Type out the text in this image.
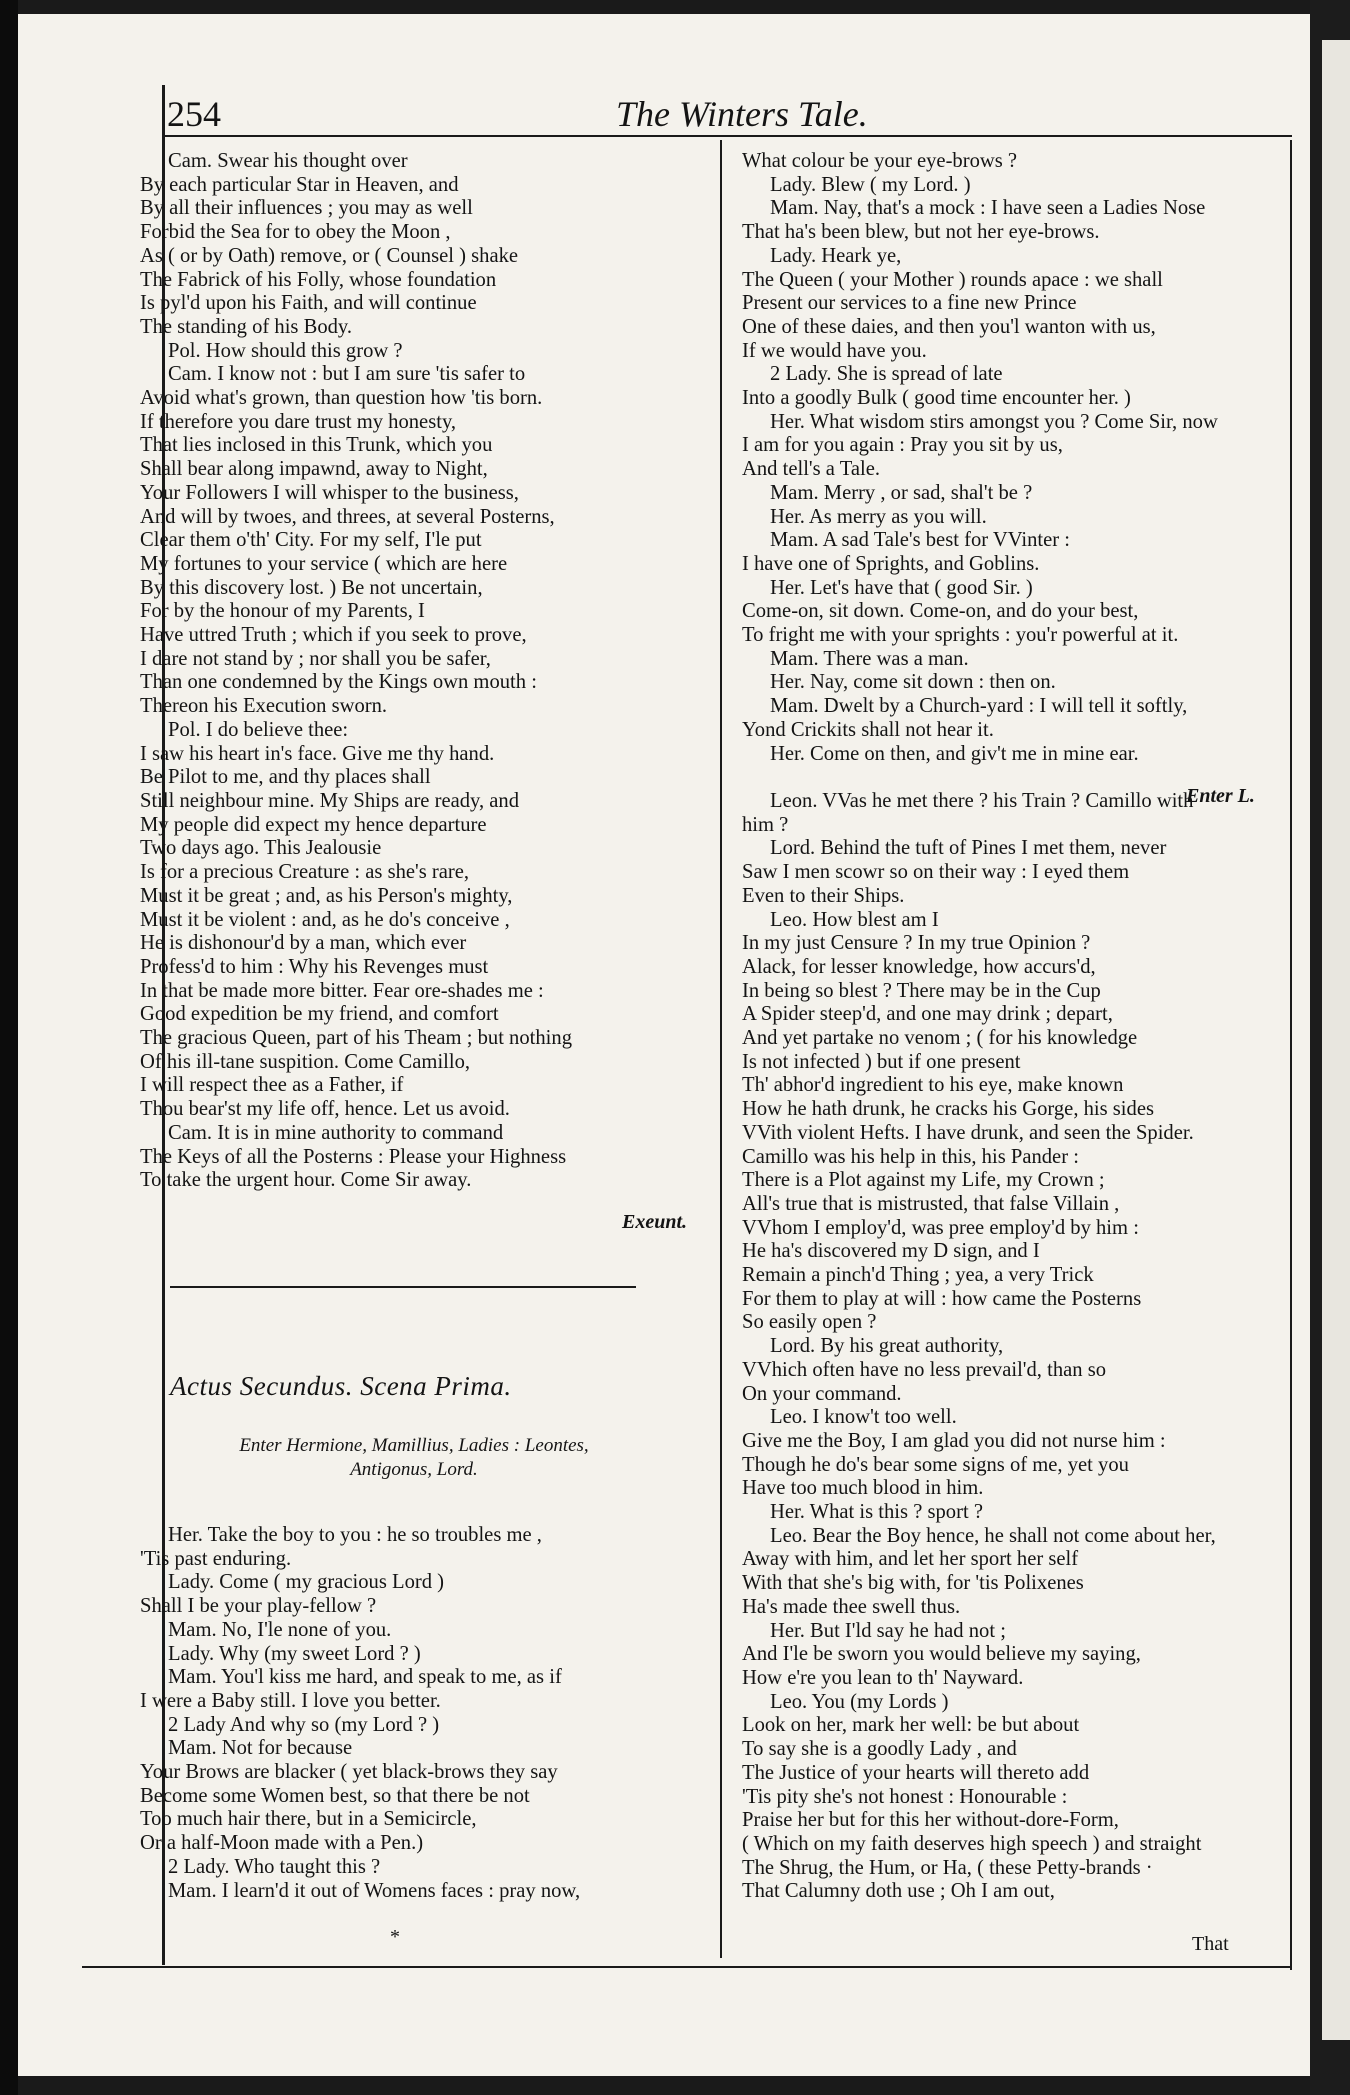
254	The Winters Tale.
Cam. Swear his thought over
By each particular Star in Heaven, and
By all their influences ; you may as well
Forbid the Sea for to obey the Moon ,
As ( or by Oath) remove, or ( Counsel ) shake
The Fabrick of his Folly, whose foundation
Is pyl'd upon his Faith, and will continue
The standing of his Body.
Pol. How should this grow ?
Cam. I know not : but I am sure 'tis safer to
Avoid what's grown, than question how 'tis born.
If therefore you dare trust my honesty,
That lies inclosed in this Trunk, which you
Shall bear along impawnd, away to Night,
Your Followers I will whisper to the business,
And will by twoes, and threes, at several Posterns,
Clear them o'th' City. For my self, I'le put
My fortunes to your service ( which are here
By this discovery lost. ) Be not uncertain,
For by the honour of my Parents, I
Have uttred Truth ; which if you seek to prove,
I dare not stand by ; nor shall you be safer,
Than one condemned by the Kings own mouth :
Thereon his Execution sworn.
Pol. I do believe thee:
I saw his heart in's face. Give me thy hand.
Be Pilot to me, and thy places shall
Still neighbour mine. My Ships are ready, and
My people did expect my hence departure
Two days ago. This Jealousie
Is for a precious Creature : as she's rare,
Must it be great ; and, as his Person's mighty,
Must it be violent : and, as he do's conceive ,
He is dishonour'd by a man, which ever
Profess'd to him : Why his Revenges must
In that be made more bitter. Fear ore-shades me :
Good expedition be my friend, and comfort
The gracious Queen, part of his Theam ; but nothing
Of his ill-tane suspition. Come Camillo,
I will respect thee as a Father, if
Thou bear'st my life off, hence. Let us avoid.
Cam. It is in mine authority to command
The Keys of all the Posterns : Please your Highness
To take the urgent hour. Come Sir away.
Exeunt.
Actus Secundus. Scena Prima.
Enter Hermione, Mamillius, Ladies : Leontes,
Antigonus, Lord.
Her. Take the boy to you : he so troubles me ,
'Tis past enduring.
Lady. Come ( my gracious Lord )
Shall I be your play-fellow ?
Mam. No, I'le none of you.
Lady. Why (my sweet Lord ? )
Mam. You'l kiss me hard, and speak to me, as if
I were a Baby still. I love you better.
2 Lady And why so (my Lord ? )
Mam. Not for because
Your Brows are blacker ( yet black-brows they say
Become some Women best, so that there be not
Too much hair there, but in a Semicircle,
Or a half-Moon made with a Pen.)
2 Lady. Who taught this ?
Mam. I learn'd it out of Womens faces : pray now,
*
What colour be your eye-brows ?
Lady. Blew ( my Lord. )
Mam. Nay, that's a mock : I have seen a Ladies Nose
That ha's been blew, but not her eye-brows.
Lady. Heark ye,
The Queen ( your Mother ) rounds apace : we shall
Present our services to a fine new Prince
One of these daies, and then you'l wanton with us,
If we would have you.
2 Lady. She is spread of late
Into a goodly Bulk ( good time encounter her. )
Her. What wisdom stirs amongst you ? Come Sir, now
I am for you again : Pray you sit by us,
And tell's a Tale.
Mam. Merry , or sad, shal't be ?
Her. As merry as you will.
Mam. A sad Tale's best for VVinter :
I have one of Sprights, and Goblins.
Her. Let's have that ( good Sir. )
Come-on, sit down. Come-on, and do your best,
To fright me with your sprights : you'r powerful at it.
Mam. There was a man.
Her. Nay, come sit down : then on.
Mam. Dwelt by a Church-yard : I will tell it softly,
Yond Crickits shall not hear it.
Her. Come on then, and giv't me in mine ear.

Leon. VVas he met there ? his Train ? Camillo with
him ?
Lord. Behind the tuft of Pines I met them, never
Saw I men scowr so on their way : I eyed them
Even to their Ships.
Leo. How blest am I
In my just Censure ? In my true Opinion ?
Alack, for lesser knowledge, how accurs'd,
In being so blest ? There may be in the Cup
A Spider steep'd, and one may drink ; depart,
And yet partake no venom ; ( for his knowledge
Is not infected ) but if one present
Th' abhor'd ingredient to his eye, make known
How he hath drunk, he cracks his Gorge, his sides
VVith violent Hefts. I have drunk, and seen the Spider.
Camillo was his help in this, his Pander :
There is a Plot against my Life, my Crown ;
All's true that is mistrusted, that false Villain ,
VVhom I employ'd, was pree employ'd by him :
He ha's discovered my D sign, and I
Remain a pinch'd Thing ; yea, a very Trick
For them to play at will : how came the Posterns
So easily open ?
Lord. By his great authority,
VVhich often have no less prevail'd, than so
On your command.
Leo. I know't too well.
Give me the Boy, I am glad you did not nurse him :
Though he do's bear some signs of me, yet you
Have too much blood in him.
Her. What is this ? sport ?
Leo. Bear the Boy hence, he shall not come about her,
Away with him, and let her sport her self
With that she's big with, for 'tis Polixenes
Ha's made thee swell thus.
Her. But I'ld say he had not ;
And I'le be sworn you would believe my saying,
How e're you lean to th' Nayward.
Leo. You (my Lords )
Look on her, mark her well: be but about
To say she is a goodly Lady , and
The Justice of your hearts will thereto add
'Tis pity she's not honest : Honourable :
Praise her but for this her without-dore-Form,
( Which on my faith deserves high speech ) and straight
The Shrug, the Hum, or Ha, ( these Petty-brands ·
That Calumny doth use ; Oh I am out,
Enter L.
That
